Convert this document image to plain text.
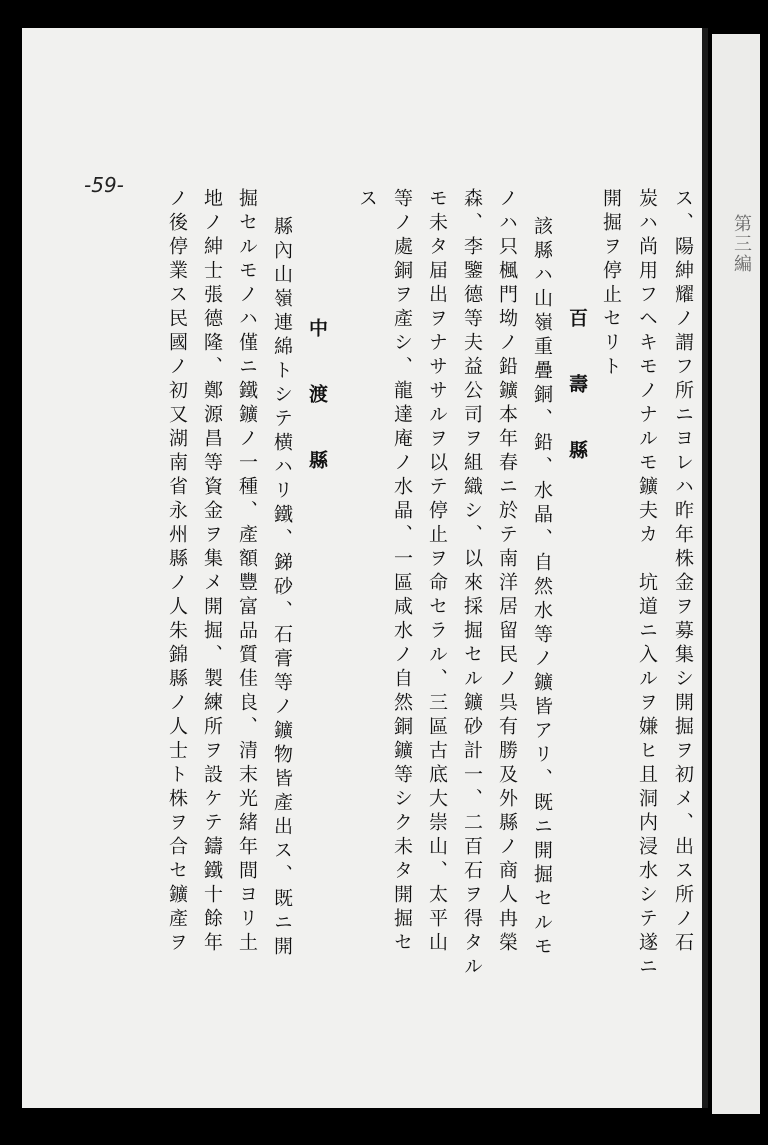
-59-
ス、陽紳耀ノ謂フ所ニヨレハ昨年株金ヲ募集シ開掘ヲ初メ、出ス所ノ石
炭ハ尚用フヘキモノナルモ鑛夫カ　坑道ニ入ルヲ嫌ヒ且洞内浸水シテ遂ニ
開掘ヲ停止セリト
百　壽　縣
該縣ハ山嶺重疊銅、鉛、水晶、自然水等ノ鑛皆アリ、既ニ開掘セルモ
ノハ只楓門坳ノ鉛鑛本年春ニ於テ南洋居留民ノ呉有勝及外縣ノ商人冉榮
森、李鑒德等夫益公司ヲ組織シ、以來採掘セル鑛砂計一、二百石ヲ得タル
モ未タ届出ヲナササルヲ以テ停止ヲ命セラル、三區古底大崇山、太平山
等ノ處銅ヲ產シ、龍達庵ノ水晶、一區咸水ノ自然銅鑛等シク未タ開掘セ
ス
中　渡　縣
縣內山嶺連綿トシテ横ハリ鐵、銻砂、石膏等ノ鑛物皆產出ス、既ニ開
掘セルモノハ僅ニ鐵鑛ノ一種、產額豐富品質佳良、清末光緒年間ヨリ土
地ノ紳士張德隆、鄭源昌等資金ヲ集メ開掘、製練所ヲ設ケテ鑄鐵十餘年
ノ後停業ス民國ノ初又湖南省永州縣ノ人朱錦縣ノ人士ト株ヲ合セ鑛產ヲ	第三編
